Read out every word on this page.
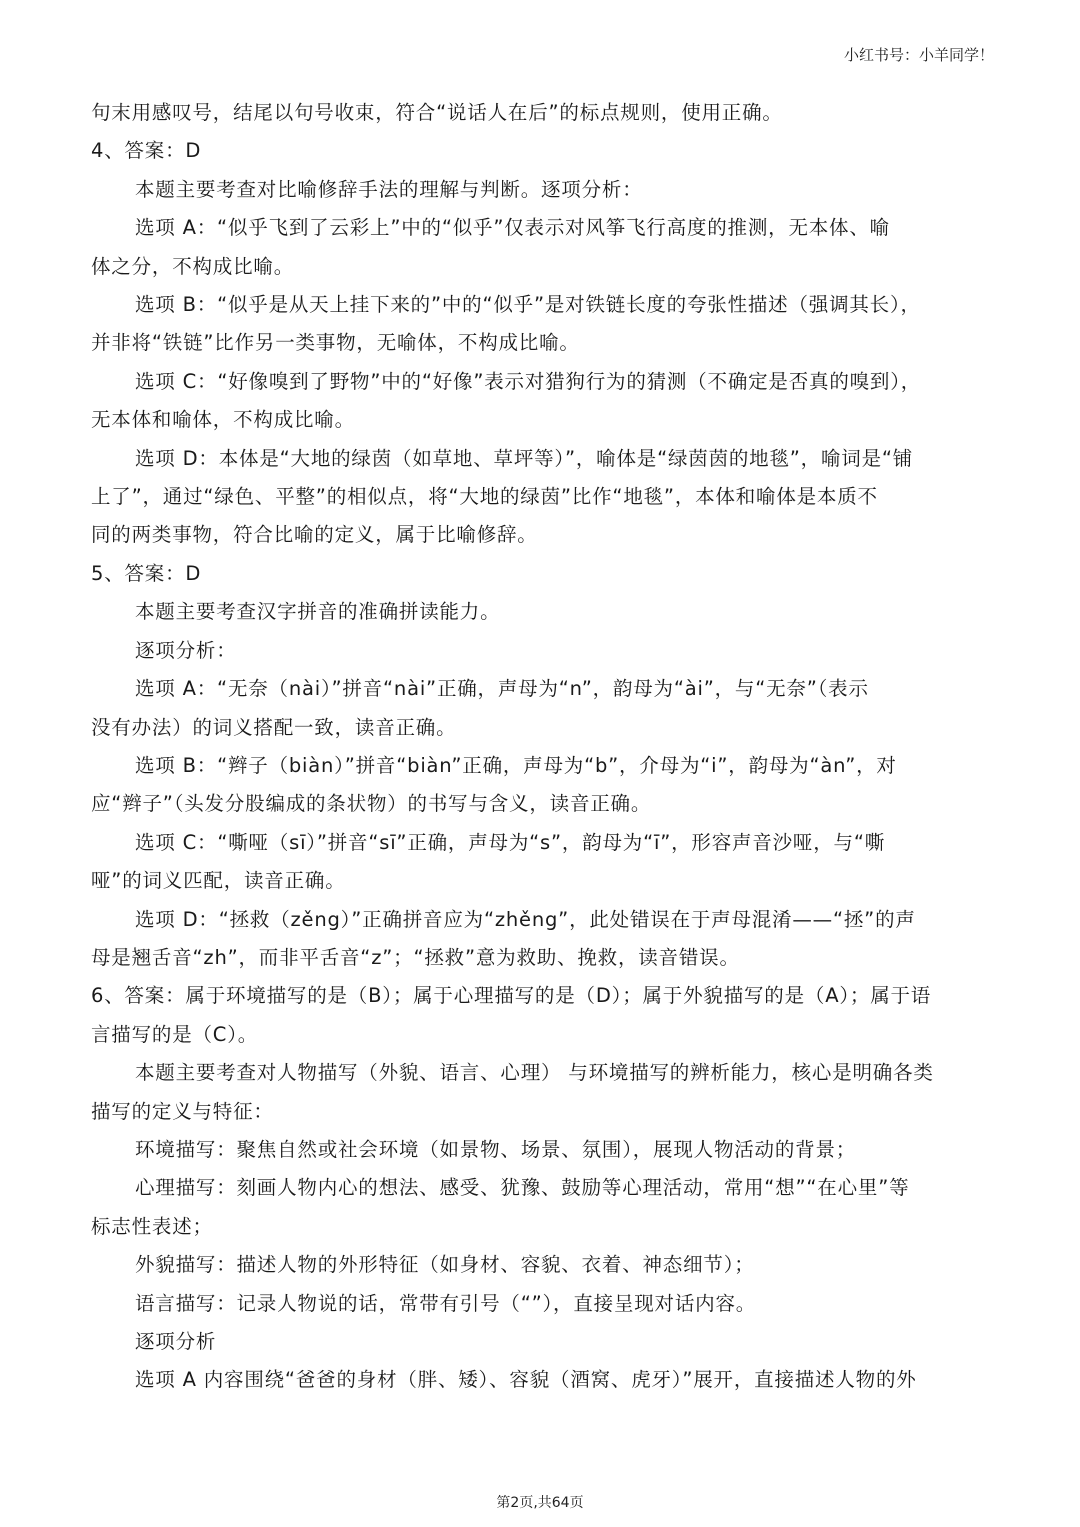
小红书号：小羊同学！

句末用感叹号，结尾以句号收束，符合“说话人在后”的标点规则，使用正确。

4、答案：D

本题主要考查对比喻修辞手法的理解与判断。逐项分析：

选项 A：“似乎飞到了云彩上”中的“似乎”仅表示对风筝飞行高度的推测，无本体、喻

体之分，不构成比喻。

选项 B：“似乎是从天上挂下来的”中的“似乎”是对铁链长度的夸张性描述（强调其长），

并非将“铁链”比作另一类事物，无喻体，不构成比喻。

选项 C：“好像嗅到了野物”中的“好像”表示对猎狗行为的猜测（不确定是否真的嗅到），

无本体和喻体，不构成比喻。

选项 D：本体是“大地的绿茵（如草地、草坪等）”，喻体是“绿茵茵的地毯”，喻词是“铺

上了”，通过“绿色、平整”的相似点，将“大地的绿茵”比作“地毯”，本体和喻体是本质不

同的两类事物，符合比喻的定义，属于比喻修辞。

5、答案：D

本题主要考查汉字拼音的准确拼读能力。

逐项分析：

选项 A：“无奈（nài）”拼音“nài”正确，声母为“n”，韵母为“ài”，与“无奈”（表示

没有办法）的词义搭配一致，读音正确。

选项 B：“辫子（biàn）”拼音“biàn”正确，声母为“b”，介母为“i”，韵母为“àn”，对

应“辫子”（头发分股编成的条状物）的书写与含义，读音正确。

选项 C：“嘶哑（sī）”拼音“sī”正确，声母为“s”，韵母为“ī”，形容声音沙哑，与“嘶

哑”的词义匹配，读音正确。

选项 D：“拯救（zěng）”正确拼音应为“zhěng”，此处错误在于声母混淆——“拯”的声

母是翘舌音“zh”，而非平舌音“z”；“拯救”意为救助、挽救，读音错误。

6、答案：属于环境描写的是（B）；属于心理描写的是（D）；属于外貌描写的是（A）；属于语

言描写的是（C）。

本题主要考查对人物描写（外貌、语言、心理） 与环境描写的辨析能力，核心是明确各类

描写的定义与特征：

环境描写：聚焦自然或社会环境（如景物、场景、氛围），展现人物活动的背景；

心理描写：刻画人物内心的想法、感受、犹豫、鼓励等心理活动，常用“想”“在心里”等

标志性表述；

外貌描写：描述人物的外形特征（如身材、容貌、衣着、神态细节）；

语言描写：记录人物说的话，常带有引号（“”），直接呈现对话内容。

逐项分析

选项 A 内容围绕“爸爸的身材（胖、矮）、容貌（酒窝、虎牙）”展开，直接描述人物的外

第2页,共64页
